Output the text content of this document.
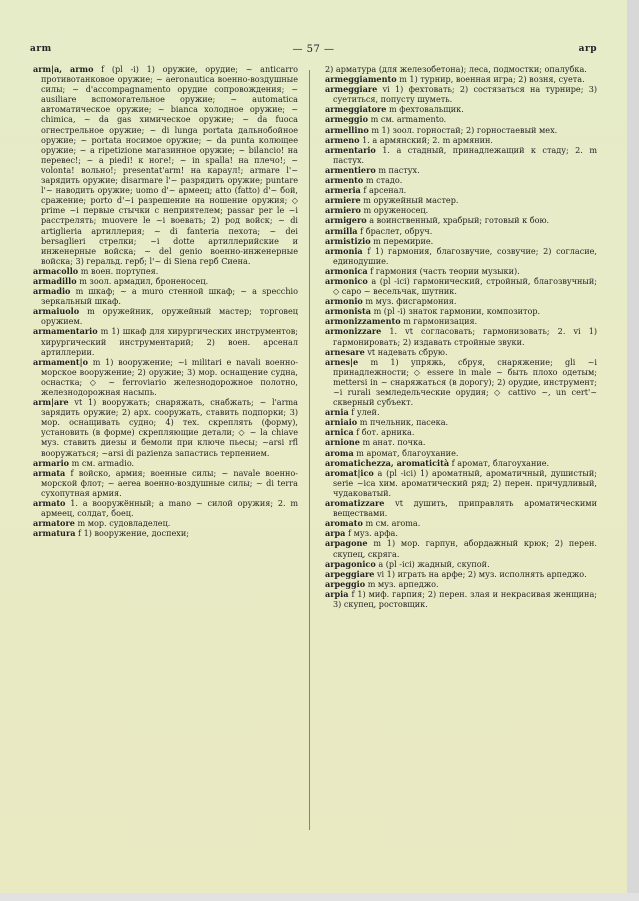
arm	— 57 —	arp

arm|a, armo f (pl -i) 1) оружие, орудие; ~ anticarro противотанковое оружие; ~ aeronautica военно-воздушные силы; ~ d'accompagnamento орудие сопровождения; ~ ausiliare вспомогательное оружие; ~ automatica автоматическое оружие; ~ bianca холодное оружие; ~ chimica, ~ da gas химическое оружие; ~ da fuoca огнестрельное оружие; ~ di lunga portata дальнобойное оружие; ~ portata носимое оружие; ~ da punta колющее оружие; ~ a ripetizione магазинное оружие; ~ bilancio! на перевес!; ~ a piedi! к ноге!; ~ in spalla! на плечо!; ~ volonta! вольно!; presentat'arm! на караул!; armare l'~ зарядить оружие; disarmare l'~ разрядить оружие; puntare l'~ наводить оружие; uomo d'~ армеец; atto (fatto) d'~ бой, сражение; porto d'~i разрешение на ношение оружия; ◇ prime ~i первые стычки с неприятелем; passar per le ~i расстрелять; muovere le ~i воевать; 2) род войск; ~ di artiglieria артиллерия; ~ di fanteria пехота; ~ dei bersaglieri стрелки; ~i dotte артиллерийские и инженерные войска; ~ del genio военно-инженерные войска; 3) геральд. герб; l'~ di Siena герб Сиена.

armacollo m воен. портупея.

armadillo m зоол. армадил, броненосец.

armadio m шкаф; ~ a muro стенной шкаф; ~ a specchio зеркальный шкаф.

armaiuolo m оружейник, оружейный мастер; торговец оружием.

armamentario m 1) шкаф для хирургических инструментов; хирургический инструментарий; 2) воен. арсенал артиллерии.

armament|o m 1) вооружение; ~i militari e navali военно-морское вооружение; 2) оружие; 3) мор. оснащение судна, оснастка; ◇ ~ ferroviario железнодорожное полотно, железнодорожная насыпь.

arm|are vt 1) вооружать; снаряжать, снабжать; ~ l'arma зарядить оружие; 2) арх. сооружать, ставить подпорки; 3) мор. оснащивать судно; 4) тех. скреплять (форму), установить (в форме) скрепляющие детали; ◇ ~ la chiave муз. ставить диезы и бемоли при ключе пьесы; ~arsi rfl вооружаться; ~arsi di pazienza запастись терпением.

armario m см. armadio.

armata f войско, армия; военные силы; ~ navale военно-морской флот; ~ aerea военно-воздушные силы; ~ di terra сухопутная армия.

armato 1. a вооружённый; a mano ~ силой оружия; 2. m армеец, солдат, боец.

armatore m мор. судовладелец.

armatura f 1) вооружение, доспехи;

2) арматура (для железобетона); леса, подмостки; опалубка.

armeggiamento m 1) турнир, военная игра; 2) возня, суета.

armeggiare vi 1) фехтовать; 2) состязаться на турнире; 3) суетиться, попусту шуметь.

armeggiatore m фехтовальщик.

armeggio m см. armamento.

armellino m 1) зоол. горностай; 2) горностаевый мех.

armeno 1. a армянский; 2. m армянин.

armentario 1. a стадный, принадлежащий к стаду; 2. m пастух.

armentiero m пастух.

armento m стадо.

armeria f арсенал.

armiere m оружейный мастер.

armiero m оруженосец.

armigero a воинственный, храбрый; готовый к бою.

armilla f браслет, обруч.

armistizio m перемирие.

armonia f 1) гармония, благозвучие, созвучие; 2) согласие, единодушие.

armonica f гармония (часть теории музыки).

armonico a (pl -ici) гармонический, стройный, благозвучный; ◇ capo ~ весельчак, шутник.

armonio m муз. фисгармония.

armonista m (pl -i) знаток гармонии, композитор.

armonizzamento m гармонизация.

armonizzare 1. vt согласовать; гармонизовать; 2. vi 1) гармонировать; 2) издавать стройные звуки.

arnesare vt надевать сбрую.

arnes|e m 1) упряжь, сбруя, снаряжение; gli ~i принадлежности; ◇ essere in male ~ быть плохо одетым; mettersi in ~ снаряжаться (в дорогу); 2) орудие, инструмент; ~i rurali земледельческие орудия; ◇ cattivo ~, un cert'~ скверный субъект.

arnia f улей.

arniaio m пчельник, пасека.

arnica f бот. арника.

arnione m анат. почка.

aroma m аромат, благоухание.

aromatichezza, aromaticità f аромат, благоухание.

aromat|ico a (pl -ici) 1) ароматный, ароматичный, душистый; serie ~ica хим. ароматический ряд; 2) перен. причудливый, чудаковатый.

aromatizzare vt душить, приправлять ароматическими веществами.

aromato m см. aroma.

arpa f муз. арфа.

arpagone m 1) мор. гарпун, абордажный крюк; 2) перен. скупец, скряга.

arpagonico a (pl -ici) жадный, скупой.

arpeggiare vi 1) играть на арфе; 2) муз. исполнять арпеджо.

arpeggio m муз. арпеджо.

arpia f 1) миф. гарпия; 2) перен. злая и некрасивая женщина; 3) скупец, ростовщик.
